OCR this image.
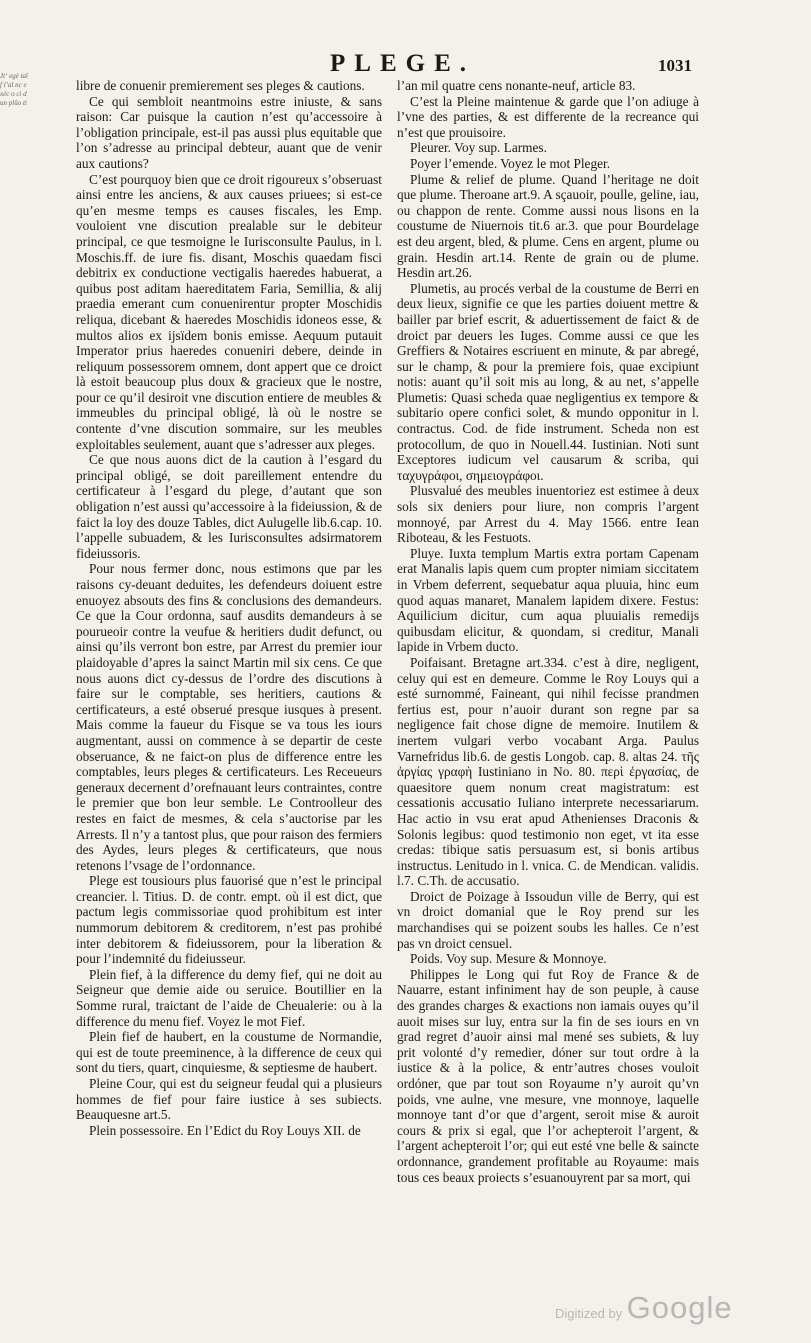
PLEGE.	1031
Jt‘ egè taî f l’al nc exéc o ci dun plûo ti

libre de conuenir premierement ses pleges & cautions.

Ce qui sembloit neantmoins estre iniuste, & sans raison: Car puisque la caution n’est qu’accessoire à l’obligation principale, est-il pas aussi plus equitable que l’on s’adresse au principal debteur, auant que de venir aux cautions?

C’est pourquoy bien que ce droit rigoureux s’obseruast ainsi entre les anciens, & aux causes priuees; si est-ce qu’en mesme temps es causes fiscales, les Emp. vouloient vne discution prealable sur le debiteur principal, ce que tesmoigne le Iurisconsulte Paulus, in l. Moschis.ff. de iure fis. disant, Moschis quaedam fisci debitrix ex conductione vectigalis haeredes habuerat, a quibus post aditam haereditatem Faria, Semillia, & alij praedia emerant cum conuenirentur propter Moschidis reliqua, dicebant & haeredes Moschidis idoneos esse, & multos alios ex ijsïdem bonis emisse. Aequum putauit Imperator prius haeredes conueniri debere, deinde in reliquum possessorem omnem, dont appert que ce droict là estoit beaucoup plus doux & gracieux que le nostre, pour ce qu’il desiroit vne discution entiere de meubles & immeubles du principal obligé, là où le nostre se contente d’vne discution sommaire, sur les meubles exploitables seulement, auant que s’adresser aux pleges.

Ce que nous auons dict de la caution à l’esgard du principal obligé, se doit pareillement entendre du certificateur à l’esgard du plege, d’autant que son obligation n’est aussi qu’accessoire à la fideiussion, & de faict la loy des douze Tables, dict Aulugelle lib.6.cap. 10. l’appelle subuadem, & les Iurisconsultes adsirmatorem fideiussoris.

Pour nous fermer donc, nous estimons que par les raisons cy-deuant deduites, les defendeurs doiuent estre enuoyez absouts des fins & conclusions des demandeurs. Ce que la Cour ordonna, sauf ausdits demandeurs à se pourueoir contre la veufue & heritiers dudit defunct, ou ainsi qu’ils verront bon estre, par Arrest du premier iour plaidoyable d’apres la sainct Martin mil six cens. Ce que nous auons dict cy-dessus de l’ordre des discutions à faire sur le comptable, ses heritiers, cautions & certificateurs, a esté obserué presque iusques à present. Mais comme la faueur du Fisque se va tous les iours augmentant, aussi on commence à se departir de ceste obseruance, & ne faict-on plus de difference entre les comptables, leurs pleges & certificateurs. Les Receueurs generaux decernent d’orefnauant leurs contraintes, contre le premier que bon leur semble. Le Controolleur des restes en faict de mesmes, & cela s’auctorise par les Arrests. Il n’y a tantost plus, que pour raison des fermiers des Aydes, leurs pleges & certificateurs, que nous retenons l’vsage de l’ordonnance.

Plege est tousiours plus fauorisé que n’est le principal creancier. l. Titius. D. de contr. empt. où il est dict, que pactum legis commissoriae quod prohibitum est inter nummorum debitorem & creditorem, n’est pas prohibé inter debitorem & fideiussorem, pour la liberation & pour l’indemnité du fideiusseur.

Plein fief, à la difference du demy fief, qui ne doit au Seigneur que demie aide ou seruice. Boutillier en la Somme rural, traictant de l’aide de Cheualerie: ou à la difference du menu fief. Voyez le mot Fief.

Plein fief de haubert, en la coustume de Normandie, qui est de toute preeminence, à la difference de ceux qui sont du tiers, quart, cinquiesme, & septiesme de haubert.

Pleine Cour, qui est du seigneur feudal qui a plusieurs hommes de fief pour faire iustice à ses subiects. Beauquesne art.5.

Plein possessoire. En l’Edict du Roy Louys XII. de

l’an mil quatre cens nonante-neuf, article 83.

C’est la Pleine maintenue & garde que l’on adiuge à l’vne des parties, & est differente de la recreance qui n’est que prouisoire.

Pleurer. Voy sup. Larmes.

Poyer l’emende. Voyez le mot Pleger.

Plume & relief de plume. Quand l’heritage ne doit que plume. Theroane art.9. A sçauoir, poulle, geline, iau, ou chappon de rente. Comme aussi nous lisons en la coustume de Niuernois tit.6 ar.3. que pour Bourdelage est deu argent, bled, & plume. Cens en argent, plume ou grain. Hesdin art.14. Rente de grain ou de plume. Hesdin art.26.

Plumetis, au procés verbal de la coustume de Berri en deux lieux, signifie ce que les parties doiuent mettre & bailler par brief escrit, & aduertissement de faict & de droict par deuers les Iuges. Comme aussi ce que les Greffiers & Notaires escriuent en minute, & par abregé, sur le champ, & pour la premiere fois, quae excipiunt notis: auant qu’il soit mis au long, & au net, s’appelle Plumetis: Quasi scheda quae negligentius ex tempore & subitario opere confici solet, & mundo opponitur in l. contractus. Cod. de fide instrument. Scheda non est protocollum, de quo in Nouell.44. Iustinian. Noti sunt Exceptores iudicum vel causarum & scriba, qui ταχυγράφοι, σημειογράφοι.

Plusvalué des meubles inuentoriez est estimee à deux sols six deniers pour liure, non compris l’argent monnoyé, par Arrest du 4. May 1566. entre Iean Riboteau, & les Festuots.

Pluye. Iuxta templum Martis extra portam Capenam erat Manalis lapis quem cum propter nimiam siccitatem in Vrbem deferrent, sequebatur aqua pluuia, hinc eum quod aquas manaret, Manalem lapidem dixere. Festus: Aquilicium dicitur, cum aqua pluuialis remedijs quibusdam elicitur, & quondam, si creditur, Manali lapide in Vrbem ducto.

Poifaisant. Bretagne art.334. c’est à dire, negligent, celuy qui est en demeure. Comme le Roy Louys qui a esté surnommé, Faineant, qui nihil fecisse prandmen fertius est, pour n’auoir durant son regne par sa negligence fait chose digne de memoire. Inutilem & inertem vulgari verbo vocabant Arga. Paulus Varnefridus lib.6. de gestis Longob. cap. 8. altas 24. τῆς ἀργίας γραφὴ Iustiniano in No. 80. περὶ ἐργασίας, de quaesitore quem nonum creat magistratum: est cessationis accusatio Iuliano interprete necessariarum. Hac actio in vsu erat apud Athenienses Draconis & Solonis legibus: quod testimonio non eget, vt ita esse credas: tibique satis persuasum est, si bonis artibus instructus. Lenitudo in l. vnica. C. de Mendican. validis. l.7. C.Th. de accusatio.

Droict de Poizage à Issoudun ville de Berry, qui est vn droict domanial que le Roy prend sur les marchandises qui se poizent soubs les halles. Ce n’est pas vn droict censuel.

Poids. Voy sup. Mesure & Monnoye.

Philippes le Long qui fut Roy de France & de Nauarre, estant infiniment hay de son peuple, à cause des grandes charges & exactions non iamais ouyes qu’il auoit mises sur luy, entra sur la fin de ses iours en vn grad regret d’auoir ainsi mal mené ses subiets, & luy prit volonté d’y remedier, dóner sur tout ordre à la iustice & à la police, & entr’autres choses vouloit ordóner, que par tout son Royaume n’y auroit qu’vn poids, vne aulne, vne mesure, vne monnoye, laquelle monnoye tant d’or que d’argent, seroit mise & auroit cours & prix si egal, que l’or achepteroit l’argent, & l’argent achepteroit l’or; qui eut esté vne belle & saincte ordonnance, grandement profitable au Royaume: mais tous ces beaux proiects s’esuanouyrent par sa mort, qui

Digitized by Google
